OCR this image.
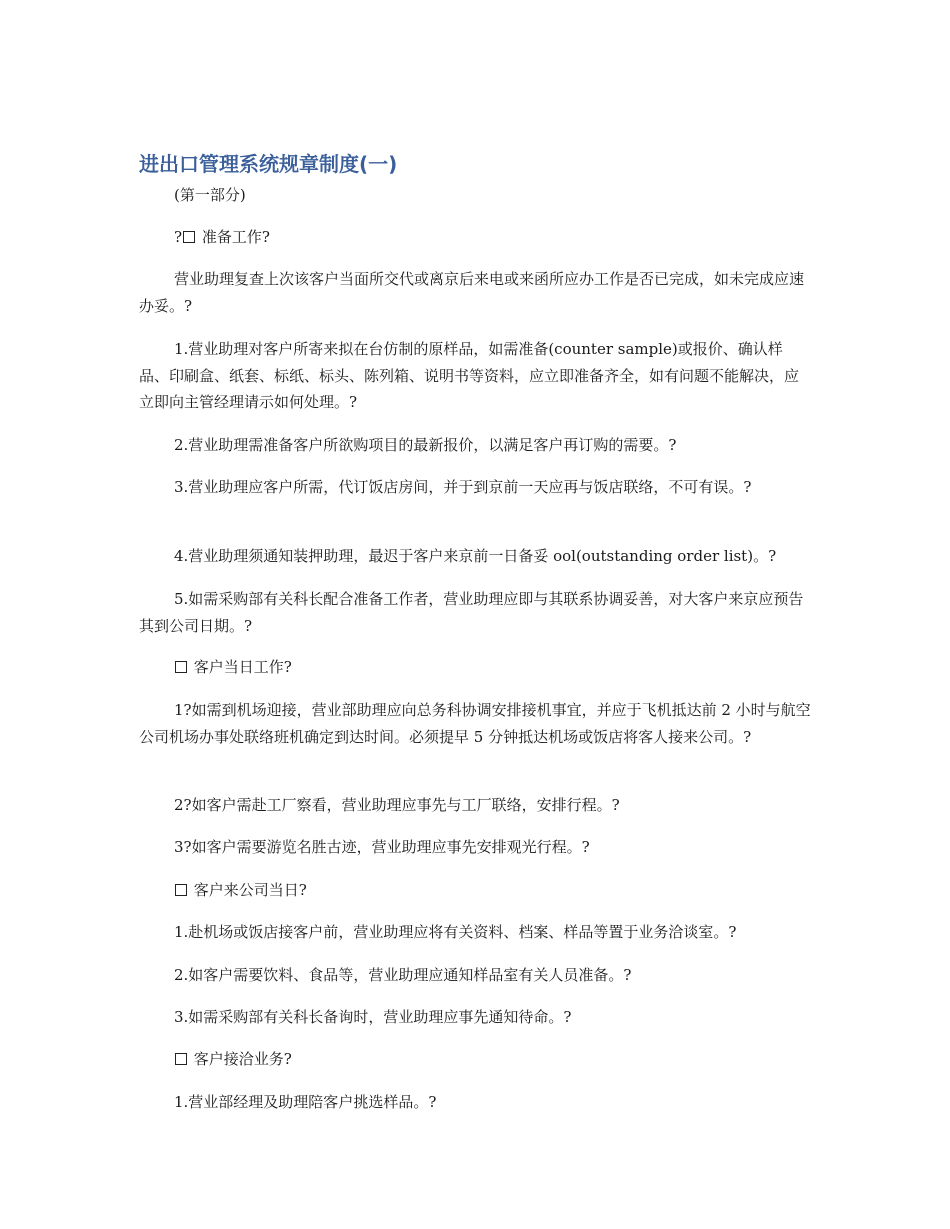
进出口管理系统规章制度(一)

(第一部分)

? 准备工作?

营业助理复查上次该客户当面所交代或离京后来电或来函所应办工作是否已完成，如未完成应速办妥。?

1.营业助理对客户所寄来拟在台仿制的原样品，如需准备(counter sample)或报价、确认样品、印刷盒、纸套、标纸、标头、陈列箱、说明书等资料，应立即准备齐全，如有问题不能解决，应立即向主管经理请示如何处理。?

2.营业助理需准备客户所欲购项目的最新报价，以满足客户再订购的需要。?

3.营业助理应客户所需，代订饭店房间，并于到京前一天应再与饭店联络，不可有误。?

4.营业助理须通知装押助理，最迟于客户来京前一日备妥 ool(outstanding order list)。?

5.如需采购部有关科长配合准备工作者，营业助理应即与其联系协调妥善，对大客户来京应预告其到公司日期。?

客户当日工作?

1?如需到机场迎接，营业部助理应向总务科协调安排接机事宜，并应于飞机抵达前 2 小时与航空公司机场办事处联络班机确定到达时间。必须提早 5 分钟抵达机场或饭店将客人接来公司。?

2?如客户需赴工厂察看，营业助理应事先与工厂联络，安排行程。?

3?如客户需要游览名胜古迹，营业助理应事先安排观光行程。?

客户来公司当日?

1.赴机场或饭店接客户前，营业助理应将有关资料、档案、样品等置于业务洽谈室。?

2.如客户需要饮料、食品等，营业助理应通知样品室有关人员准备。?

3.如需采购部有关科长备询时，营业助理应事先通知待命。?

客户接洽业务?

1.营业部经理及助理陪客户挑选样品。?
